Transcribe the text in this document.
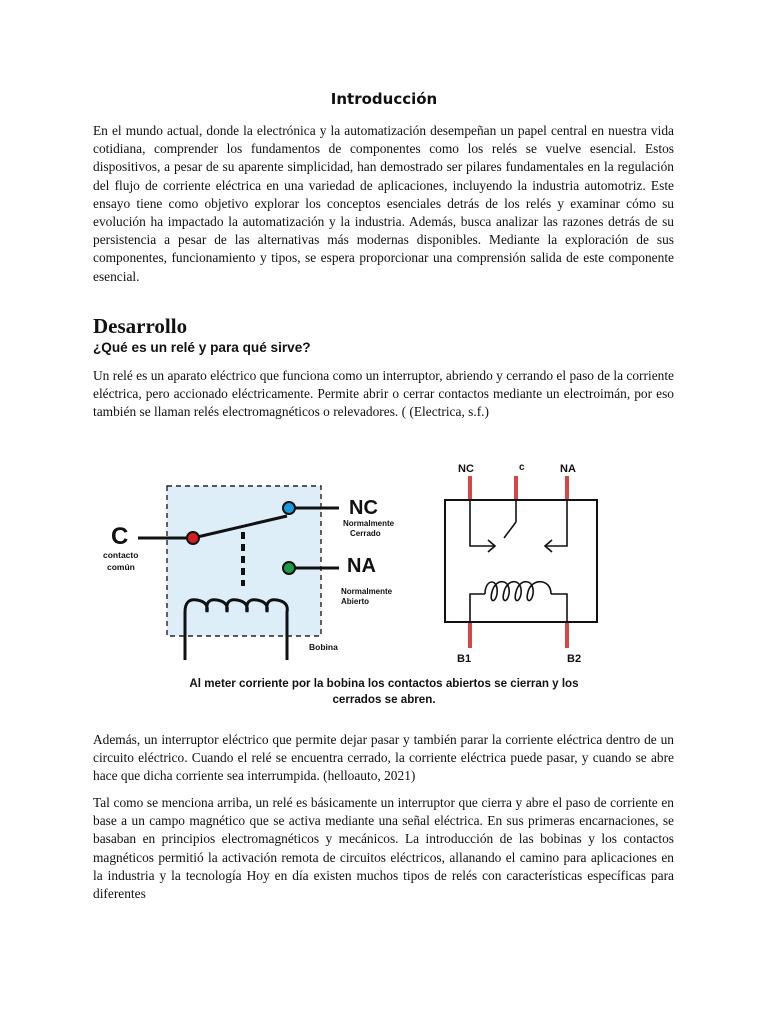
Introducción

En el mundo actual, donde la electrónica y la automatización desempeñan un papel central en nuestra vida cotidiana, comprender los fundamentos de componentes como los relés se vuelve esencial. Estos dispositivos, a pesar de su aparente simplicidad, han demostrado ser pilares fundamentales en la regulación del flujo de corriente eléctrica en una variedad de aplicaciones, incluyendo la industria automotriz. Este ensayo tiene como objetivo explorar los conceptos esenciales detrás de los relés y examinar cómo su evolución ha impactado la automatización y la industria. Además, busca analizar las razones detrás de su persistencia a pesar de las alternativas más modernas disponibles. Mediante la exploración de sus componentes, funcionamiento y tipos, se espera proporcionar una comprensión salida de este componente esencial.

Desarrollo
¿Qué es un relé y para qué sirve?

Un relé es un aparato eléctrico que funciona como un interruptor, abriendo y cerrando el paso de la corriente eléctrica, pero accionado eléctricamente. Permite abrir o cerrar contactos mediante un electroimán, por eso también se llaman relés electromagnéticos o relevadores. ( (Electrica, s.f.)

C
contacto
común
NC
Normalmente
Cerrado
NA
Normalmente
Abierto
Bobina
NC	c	NA
B1	B2
Al meter corriente por la bobina los contactos abiertos se cierran y los
cerrados se abren.

Además, un interruptor eléctrico que permite dejar pasar y también parar la corriente eléctrica dentro de un circuito eléctrico. Cuando el relé se encuentra cerrado, la corriente eléctrica puede pasar, y cuando se abre hace que dicha corriente sea interrumpida. (helloauto, 2021)

Tal como se menciona arriba, un relé es básicamente un interruptor que cierra y abre el paso de corriente en base a un campo magnético que se activa mediante una señal eléctrica. En sus primeras encarnaciones, se basaban en principios electromagnéticos y mecánicos. La introducción de las bobinas y los contactos magnéticos permitió la activación remota de circuitos eléctricos, allanando el camino para aplicaciones en la industria y la tecnología Hoy en día existen muchos tipos de relés con características específicas para diferentes
